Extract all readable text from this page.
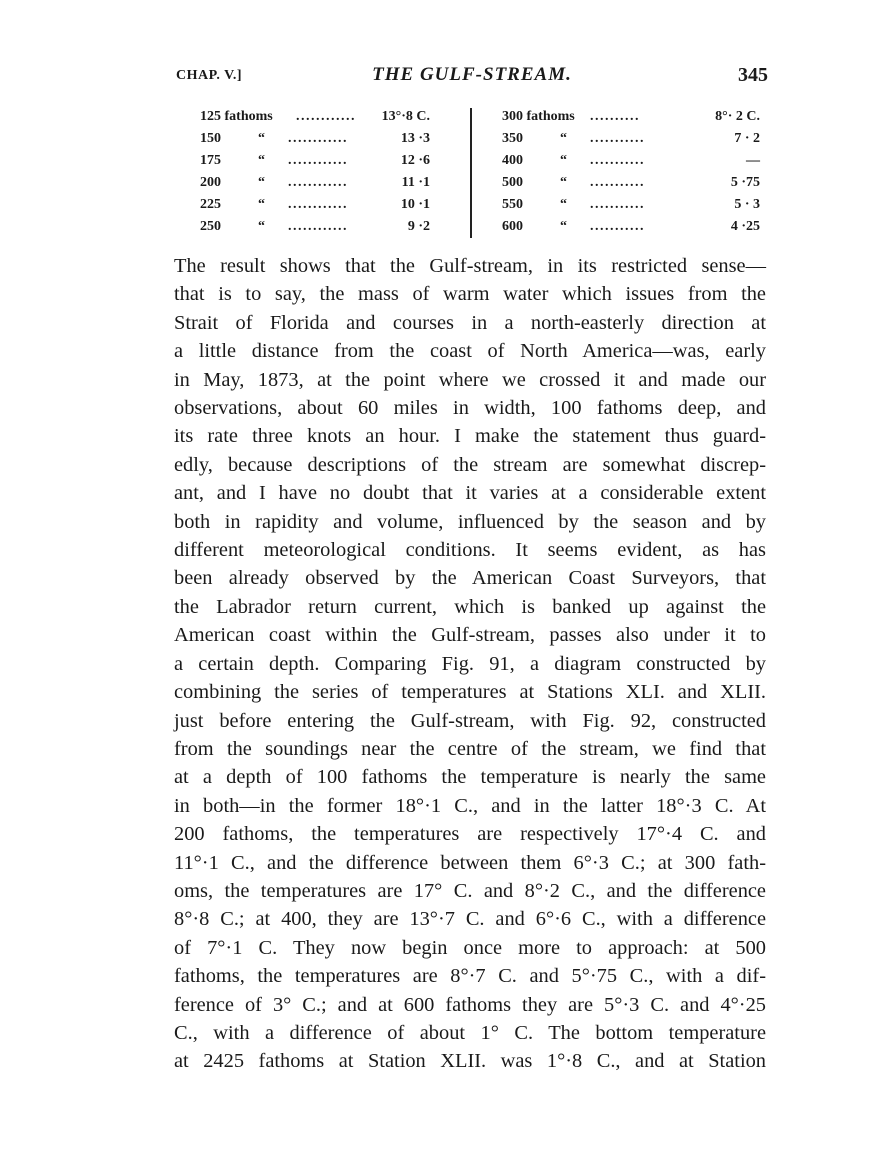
CHAP. V.]	THE GULF-STREAM.	345
125 fathoms ............ 13°·8 C.
150	“ ............	13 ·3
175	“ ............	12 ·6
200	“ ............	11 ·1
225	“ ............	10 ·1
250	“ ............	9 ·2
300 fathoms ..........	8°· 2 C.
350	“ ...........	7 · 2
400	“ ...........	—
500	“ ...........	5 ·75
550	“ ...........	5 · 3
600	“ ...........	4 ·25
The result shows that the Gulf-stream, in its restricted sense—
that is to say, the mass of warm water which issues from the
Strait of Florida and courses in a north-easterly direction at
a little distance from the coast of North America—was, early
in May, 1873, at the point where we crossed it and made our
observations, about 60 miles in width, 100 fathoms deep, and
its rate three knots an hour. I make the statement thus guard-
edly, because descriptions of the stream are somewhat discrep-
ant, and I have no doubt that it varies at a considerable extent
both in rapidity and volume, influenced by the season and by
different meteorological conditions. It seems evident, as has
been already observed by the American Coast Surveyors, that
the Labrador return current, which is banked up against the
American coast within the Gulf-stream, passes also under it to
a certain depth. Comparing Fig. 91, a diagram constructed by
combining the series of temperatures at Stations XLI. and XLII.
just before entering the Gulf-stream, with Fig. 92, constructed
from the soundings near the centre of the stream, we find that
at a depth of 100 fathoms the temperature is nearly the same
in both—in the former 18°·1 C., and in the latter 18°·3 C. At
200 fathoms, the temperatures are respectively 17°·4 C. and
11°·1 C., and the difference between them 6°·3 C.; at 300 fath-
oms, the temperatures are 17° C. and 8°·2 C., and the difference
8°·8 C.; at 400, they are 13°·7 C. and 6°·6 C., with a difference
of 7°·1 C. They now begin once more to approach: at 500
fathoms, the temperatures are 8°·7 C. and 5°·75 C., with a dif-
ference of 3° C.; and at 600 fathoms they are 5°·3 C. and 4°·25
C., with a difference of about 1° C. The bottom temperature
at 2425 fathoms at Station XLII. was 1°·8 C., and at Station
